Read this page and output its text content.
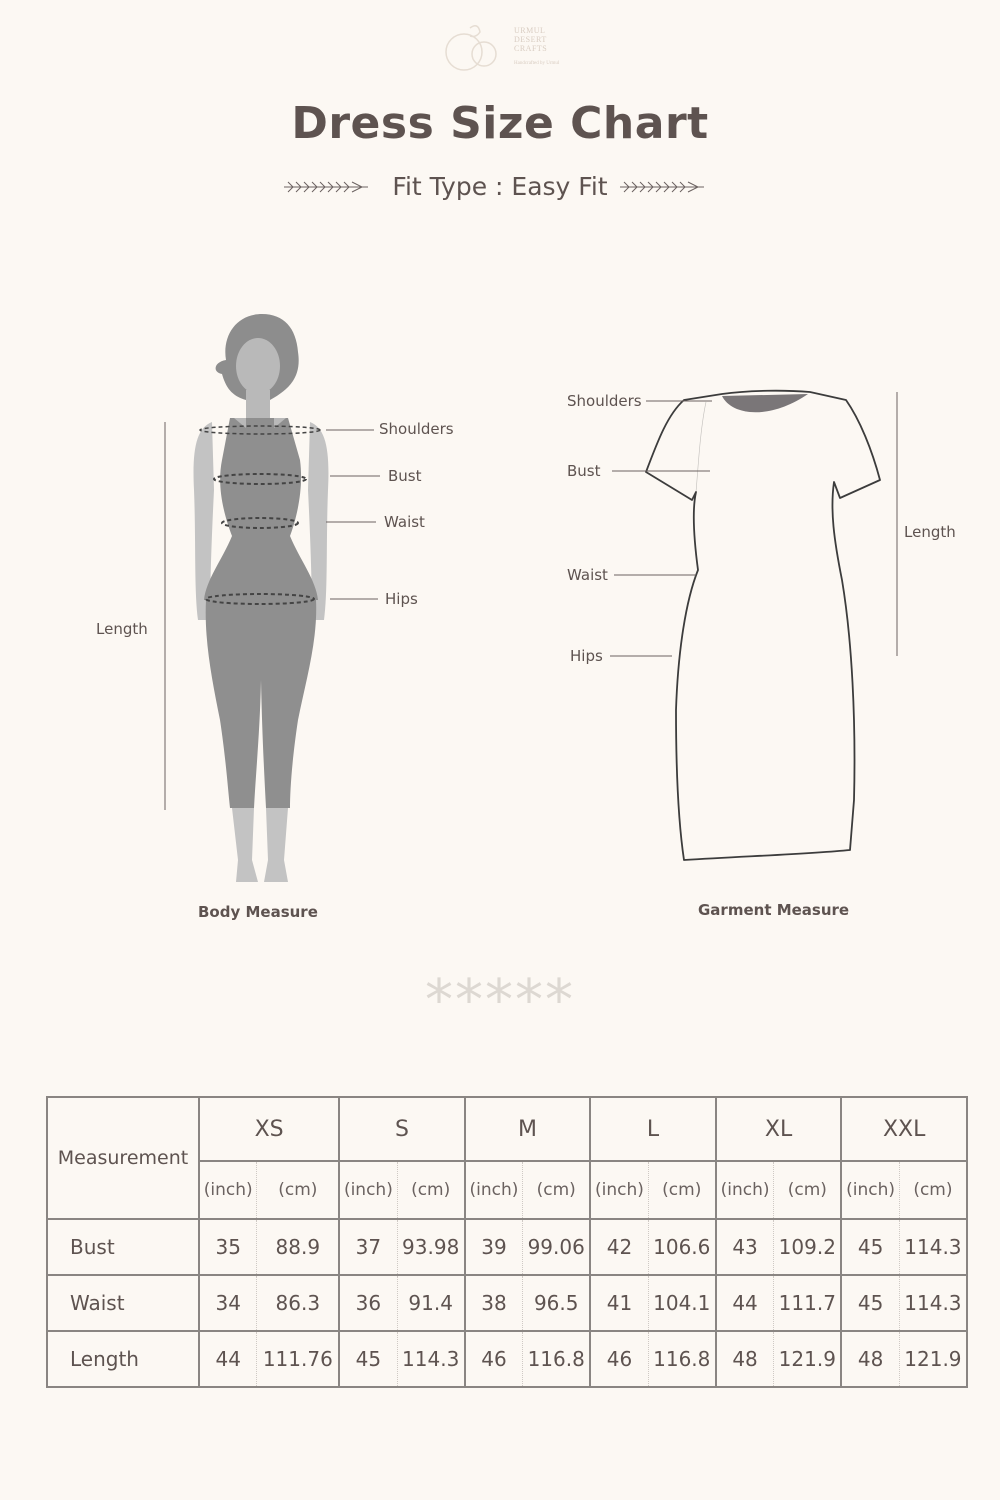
URMUL
DESERT
CRAFTS
Handcrafted by Urmul
Dress Size Chart
Fit Type : Easy Fit
Shoulders
Bust
Waist
Hips
Length
Body Measure
Shoulders
Bust
Waist
Hips
Length
Garment Measure
*****
Measurement	XS		S		M		L		XL		XXL	
	(inch)	(cm)	(inch)	(cm)	(inch)	(cm)	(inch)	(cm)	(inch)	(cm)	(inch)	(cm)
Bust	35	88.9	37	93.98	39	99.06	42	106.6	43	109.2	45	114.3
Waist	34	86.3	36	91.4	38	96.5	41	104.1	44	111.7	45	114.3
Length	44	111.76	45	114.3	46	116.8	46	116.8	48	121.9	48	121.9
